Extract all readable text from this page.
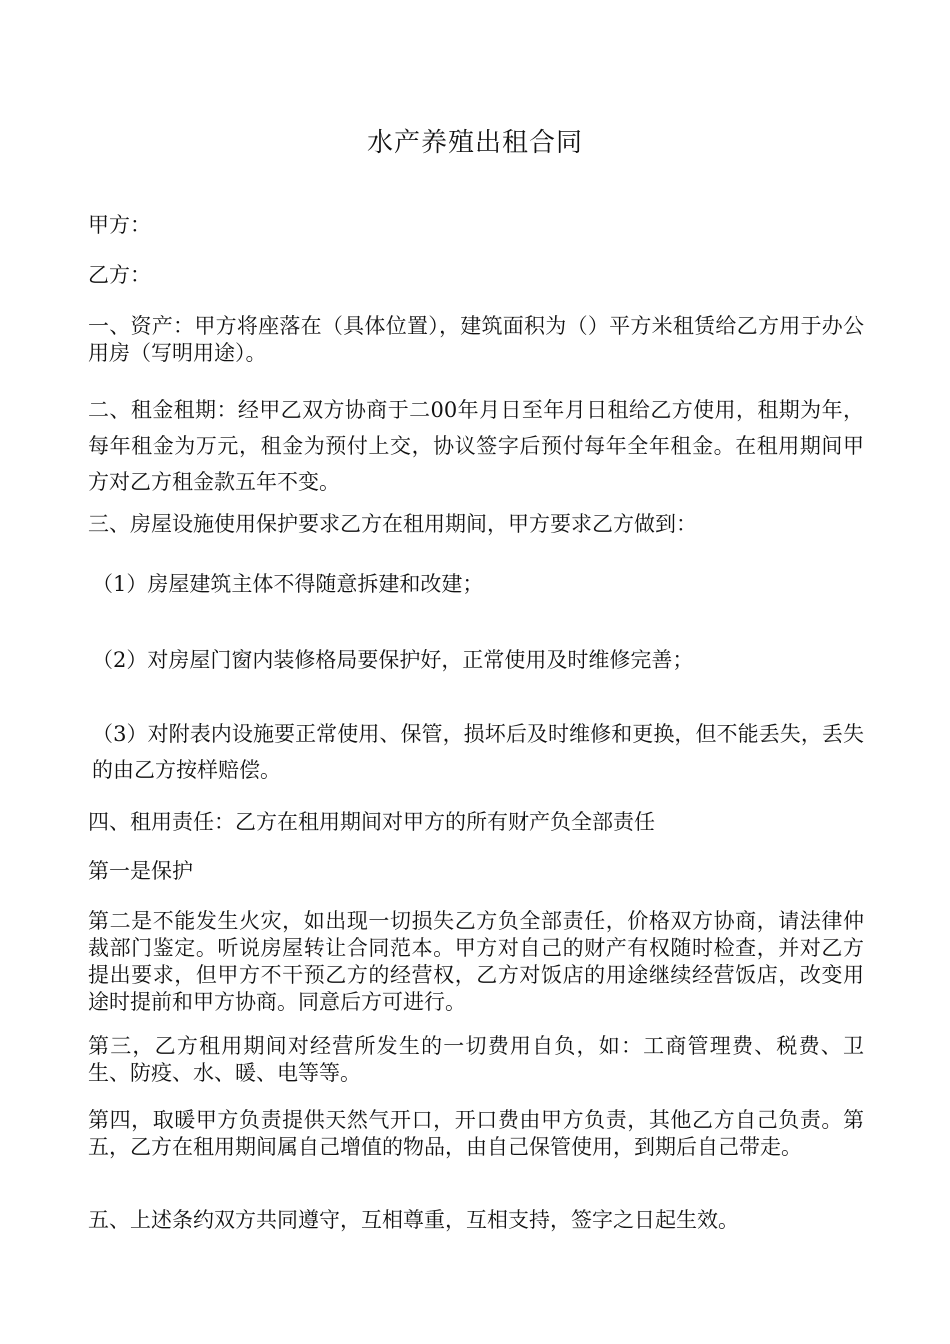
水产养殖出租合同
甲方：
乙方：
一、资产：甲方将座落在（具体位置），建筑面积为（）平方米租赁给乙方用于办公用房（写明用途）。
二、租金租期：经甲乙双方协商于二00年月日至年月日租给乙方使用，租期为年，每年租金为万元，租金为预付上交，协议签字后预付每年全年租金。在租用期间甲方对乙方租金款五年不变。
三、房屋设施使用保护要求乙方在租用期间，甲方要求乙方做到：
（1）房屋建筑主体不得随意拆建和改建；
（2）对房屋门窗内装修格局要保护好，正常使用及时维修完善；
（3）对附表内设施要正常使用、保管，损坏后及时维修和更换，但不能丢失，丢失的由乙方按样赔偿。
四、租用责任：乙方在租用期间对甲方的所有财产负全部责任
第一是保护
第二是不能发生火灾，如出现一切损失乙方负全部责任，价格双方协商，请法律仲裁部门鉴定。听说房屋转让合同范本。甲方对自己的财产有权随时检查，并对乙方提出要求，但甲方不干预乙方的经营权，乙方对饭店的用途继续经营饭店，改变用途时提前和甲方协商。同意后方可进行。
第三，乙方租用期间对经营所发生的一切费用自负，如：工商管理费、税费、卫生、防疫、水、暖、电等等。
第四，取暖甲方负责提供天然气开口，开口费由甲方负责，其他乙方自己负责。第五，乙方在租用期间属自己增值的物品，由自己保管使用，到期后自己带走。
五、上述条约双方共同遵守，互相尊重，互相支持，签字之日起生效。
